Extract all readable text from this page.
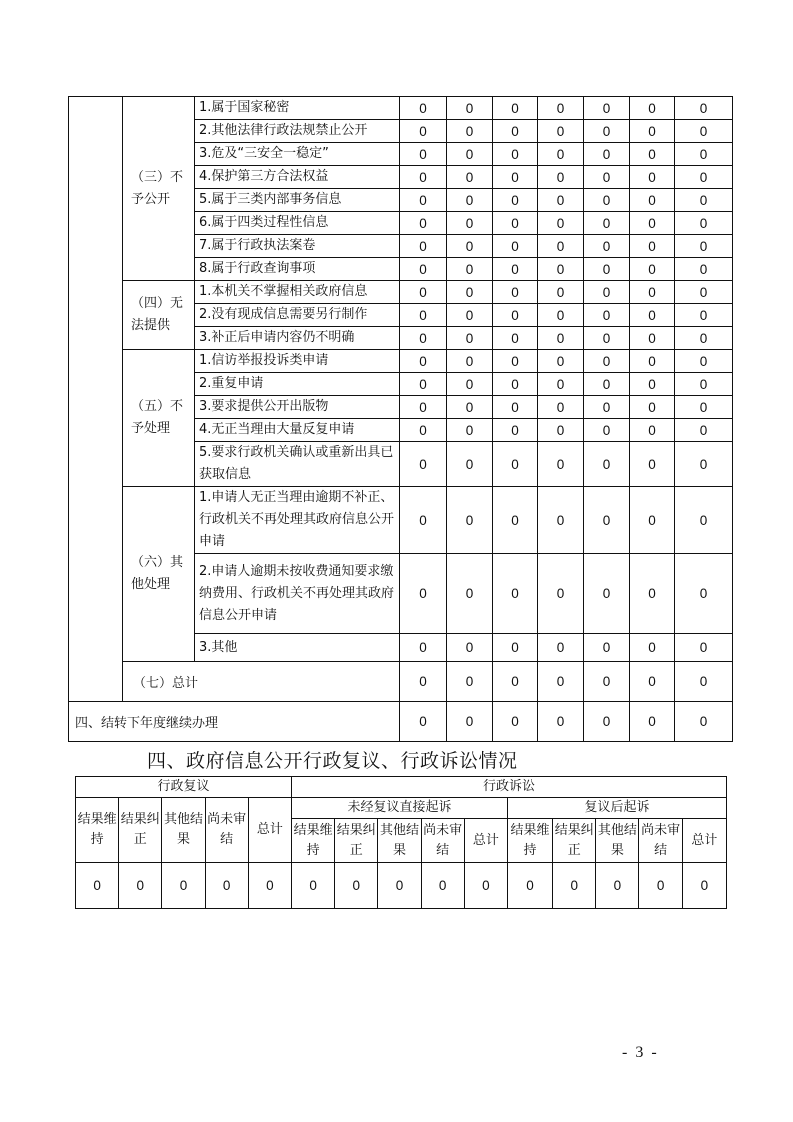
	（三）不予公开	1.属于国家秘密	0	0	0	0	0	0	0
		2.其他法律行政法规禁止公开	0	0	0	0	0	0	0
		3.危及“三安全一稳定”	0	0	0	0	0	0	0
		4.保护第三方合法权益	0	0	0	0	0	0	0
		5.属于三类内部事务信息	0	0	0	0	0	0	0
		6.属于四类过程性信息	0	0	0	0	0	0	0
		7.属于行政执法案卷	0	0	0	0	0	0	0
		8.属于行政查询事项	0	0	0	0	0	0	0
	（四）无法提供	1.本机关不掌握相关政府信息	0	0	0	0	0	0	0
		2.没有现成信息需要另行制作	0	0	0	0	0	0	0
		3.补正后申请内容仍不明确	0	0	0	0	0	0	0
	（五）不予处理	1.信访举报投诉类申请	0	0	0	0	0	0	0
		2.重复申请	0	0	0	0	0	0	0
		3.要求提供公开出版物	0	0	0	0	0	0	0
		4.无正当理由大量反复申请	0	0	0	0	0	0	0
		5.要求行政机关确认或重新出具已获取信息	0	0	0	0	0	0	0
	（六）其他处理	1.申请人无正当理由逾期不补正、行政机关不再处理其政府信息公开申请	0	0	0	0	0	0	0
		2.申请人逾期未按收费通知要求缴纳费用、行政机关不再处理其政府信息公开申请	0	0	0	0	0	0	0
		3.其他	0	0	0	0	0	0	0
	（七）总计		0	0	0	0	0	0	0
四、结转下年度继续办理			0	0	0	0	0	0	0
四、政府信息公开行政复议、行政诉讼情况
行政复议					行政诉讼									
结果维持	结果纠正	其他结果	尚未审结	总计	未经复议直接起诉					复议后起诉				
					结果维持	结果纠正	其他结果	尚未审结	总计	结果维持	结果纠正	其他结果	尚未审结	总计
0	0	0	0	0	0	0	0	0	0	0	0	0	0	0
- 3 -
